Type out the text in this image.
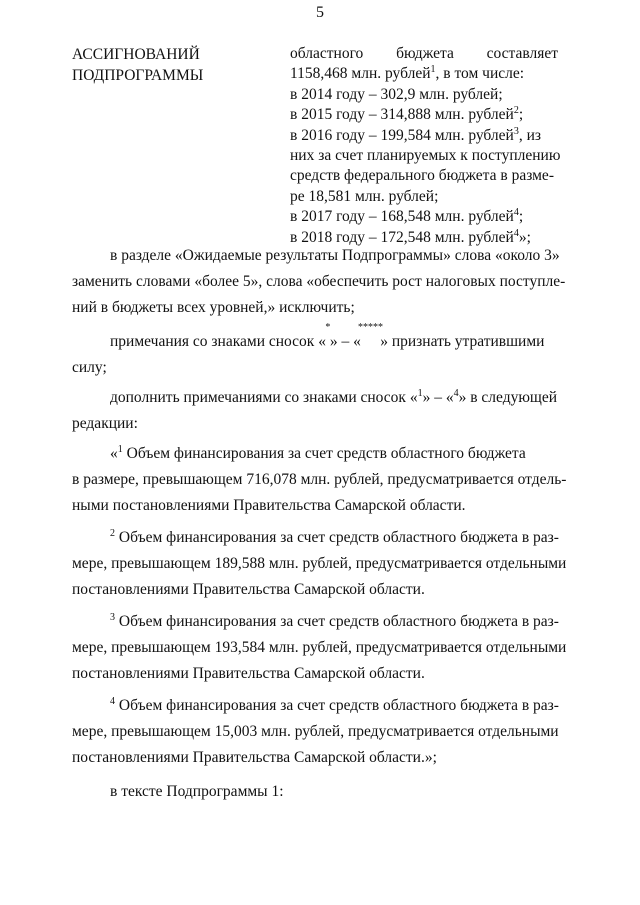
5
АССИГНОВАНИЙ
ПОДПРОГРАММЫ
областного бюджета составляет
1158,468 млн. рублей$^1$, в том числе:
в 2014 году – 302,9 млн. рублей;
в 2015 году – 314,888 млн. рублей$^2$;
в 2016 году – 199,584 млн. рублей$^3$, из
них за счет планируемых к поступлению
средств федерального бюджета в разме-
ре 18,581 млн. рублей;
в 2017 году – 168,548 млн. рублей$^4$;
в 2018 году – 172,548 млн. рублей$^4$»;
в разделе «Ожидаемые результаты Подпрограммы» слова «около 3»
заменить словами «более 5», слова «обеспечить рост налоговых поступле-
ний в бюджеты всех уровней,» исключить;
примечания со знаками сносок «
*
» – «
*****
» признать утратившими
силу;
дополнить примечаниями со знаками сносок «$^1$» – «$^4$» в следующей
редакции:
«$^1$ Объем финансирования за счет средств областного бюджета
в размере, превышающем 716,078 млн. рублей, предусматривается отдель-
ными постановлениями Правительства Самарской области.
$^2$ Объем финансирования за счет средств областного бюджета в раз-
мере, превышающем 189,588 млн. рублей, предусматривается отдельными
постановлениями Правительства Самарской области.
$^3$ Объем финансирования за счет средств областного бюджета в раз-
мере, превышающем 193,584 млн. рублей, предусматривается отдельными
постановлениями Правительства Самарской области.
$^4$ Объем финансирования за счет средств областного бюджета в раз-
мере, превышающем 15,003 млн. рублей, предусматривается отдельными
постановлениями Правительства Самарской области.»;
в тексте Подпрограммы 1:
